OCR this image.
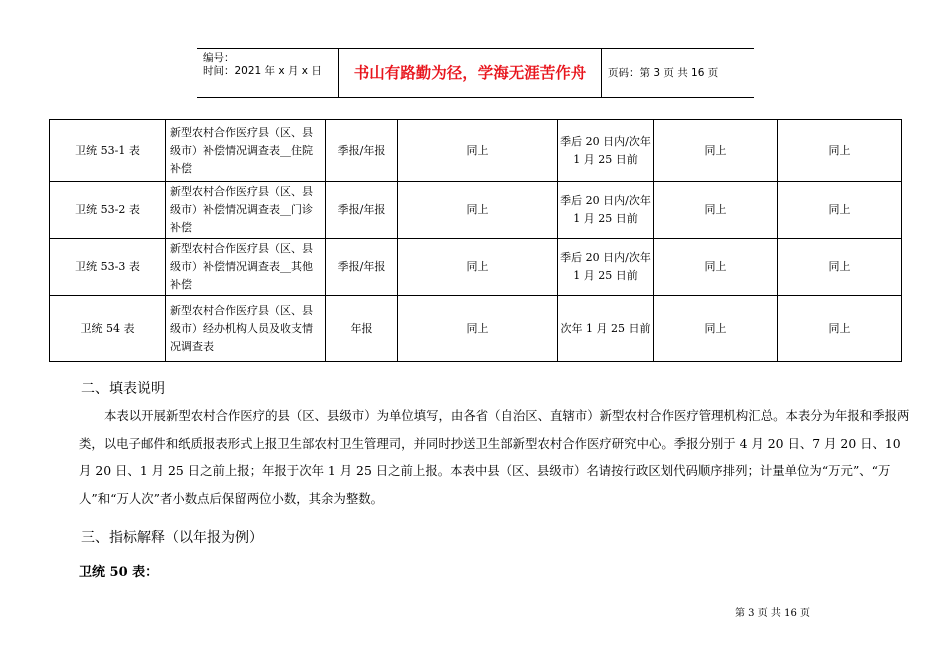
编号：
时间：2021 年 x 月 x 日	书山有路勤为径，学海无涯苦作舟	页码：第 3 页 共 16 页
卫统 53-1 表	新型农村合作医疗县（区、县级市）补偿情况调查表__住院补偿	季报/年报	同上	季后 20 日内/次年 1 月 25 日前	同上	同上
卫统 53-2 表	新型农村合作医疗县（区、县级市）补偿情况调查表__门诊补偿	季报/年报	同上	季后 20 日内/次年 1 月 25 日前	同上	同上
卫统 53-3 表	新型农村合作医疗县（区、县级市）补偿情况调查表__其他补偿	季报/年报	同上	季后 20 日内/次年 1 月 25 日前	同上	同上
卫统 54 表	新型农村合作医疗县（区、县级市）经办机构人员及收支情况调查表	年报	同上	次年 1 月 25 日前	同上	同上
二、填表说明

本表以开展新型农村合作医疗的县（区、县级市）为单位填写，由各省（自治区、直辖市）新型农村合作医疗管理机构汇总。本表分为年报和季报两类，以电子邮件和纸质报表形式上报卫生部农村卫生管理司，并同时抄送卫生部新型农村合作医疗研究中心。季报分别于 4 月 20 日、7 月 20 日、10 月 20 日、1 月 25 日之前上报；年报于次年 1 月 25 日之前上报。本表中县（区、县级市）名请按行政区划代码顺序排列；计量单位为“万元”、“万人”和“万人次”者小数点后保留两位小数，其余为整数。

三、指标解释（以年报为例）
卫统 50 表：
第 3 页 共 16 页
